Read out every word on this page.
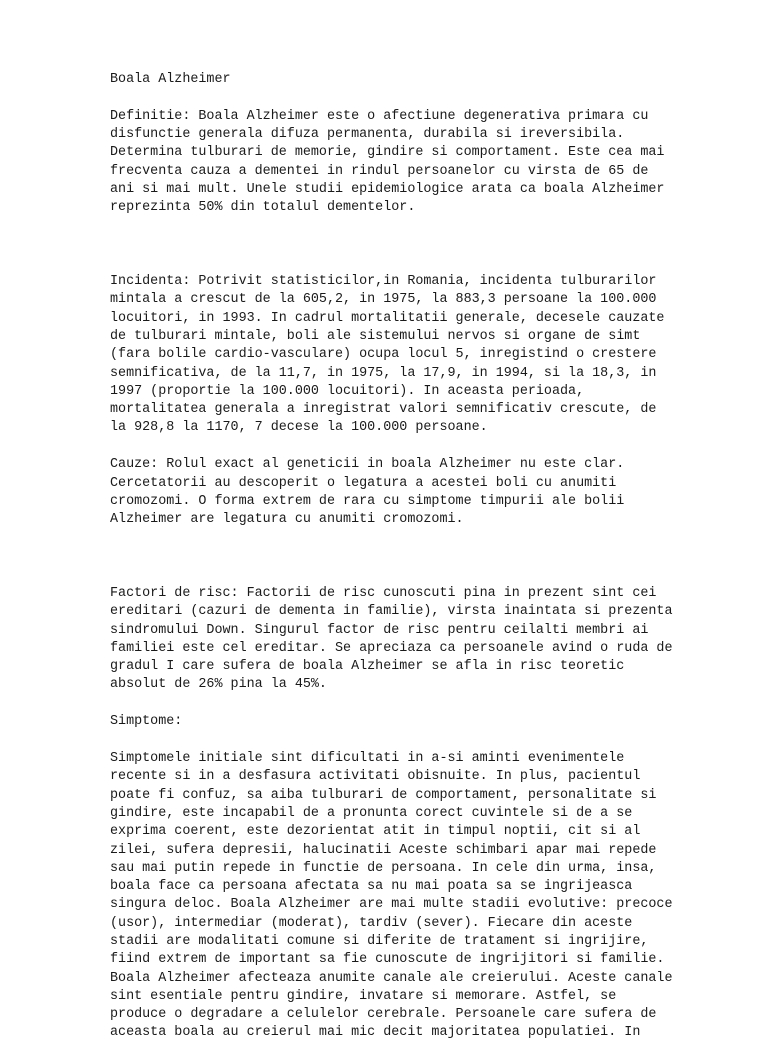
Boala Alzheimer

Definitie: Boala Alzheimer este o afectiune degenerativa primara cu

disfunctie generala difuza permanenta, durabila si ireversibila.

Determina tulburari de memorie, gindire si comportament. Este cea mai

frecventa cauza a dementei in rindul persoanelor cu virsta de 65 de

ani si mai mult. Unele studii epidemiologice arata ca boala Alzheimer

reprezinta 50% din totalul dementelor.

Incidenta: Potrivit statisticilor,in Romania, incidenta tulburarilor

mintala a crescut de la 605,2, in 1975, la 883,3 persoane la 100.000

locuitori, in 1993. In cadrul mortalitatii generale, decesele cauzate

de tulburari mintale, boli ale sistemului nervos si organe de simt

(fara bolile cardio-vasculare) ocupa locul 5, inregistind o crestere

semnificativa, de la 11,7, in 1975, la 17,9, in 1994, si la 18,3, in

1997 (proportie la 100.000 locuitori). In aceasta perioada,

mortalitatea generala a inregistrat valori semnificativ crescute, de

la 928,8 la 1170, 7 decese la 100.000 persoane.

Cauze: Rolul exact al geneticii in boala Alzheimer nu este clar.

Cercetatorii au descoperit o legatura a acestei boli cu anumiti

cromozomi. O forma extrem de rara cu simptome timpurii ale bolii

Alzheimer are legatura cu anumiti cromozomi.

Factori de risc: Factorii de risc cunoscuti pina in prezent sint cei

ereditari (cazuri de dementa in familie), virsta inaintata si prezenta

sindromului Down. Singurul factor de risc pentru ceilalti membri ai

familiei este cel ereditar. Se apreciaza ca persoanele avind o ruda de

gradul I care sufera de boala Alzheimer se afla in risc teoretic

absolut de 26% pina la 45%.

Simptome:

Simptomele initiale sint dificultati in a-si aminti evenimentele

recente si in a desfasura activitati obisnuite. In plus, pacientul

poate fi confuz, sa aiba tulburari de comportament, personalitate si

gindire, este incapabil de a pronunta corect cuvintele si de a se

exprima coerent, este dezorientat atit in timpul noptii, cit si al

zilei, sufera depresii, halucinatii Aceste schimbari apar mai repede

sau mai putin repede in functie de persoana. In cele din urma, insa,

boala face ca persoana afectata sa nu mai poata sa se ingrijeasca

singura deloc. Boala Alzheimer are mai multe stadii evolutive: precoce

(usor), intermediar (moderat), tardiv (sever). Fiecare din aceste

stadii are modalitati comune si diferite de tratament si ingrijire,

fiind extrem de important sa fie cunoscute de ingrijitori si familie.

Boala Alzheimer afecteaza anumite canale ale creierului. Aceste canale

sint esentiale pentru gindire, invatare si memorare. Astfel, se

produce o degradare a celulelor cerebrale. Persoanele care sufera de

aceasta boala au creierul mai mic decit majoritatea populatiei. In
